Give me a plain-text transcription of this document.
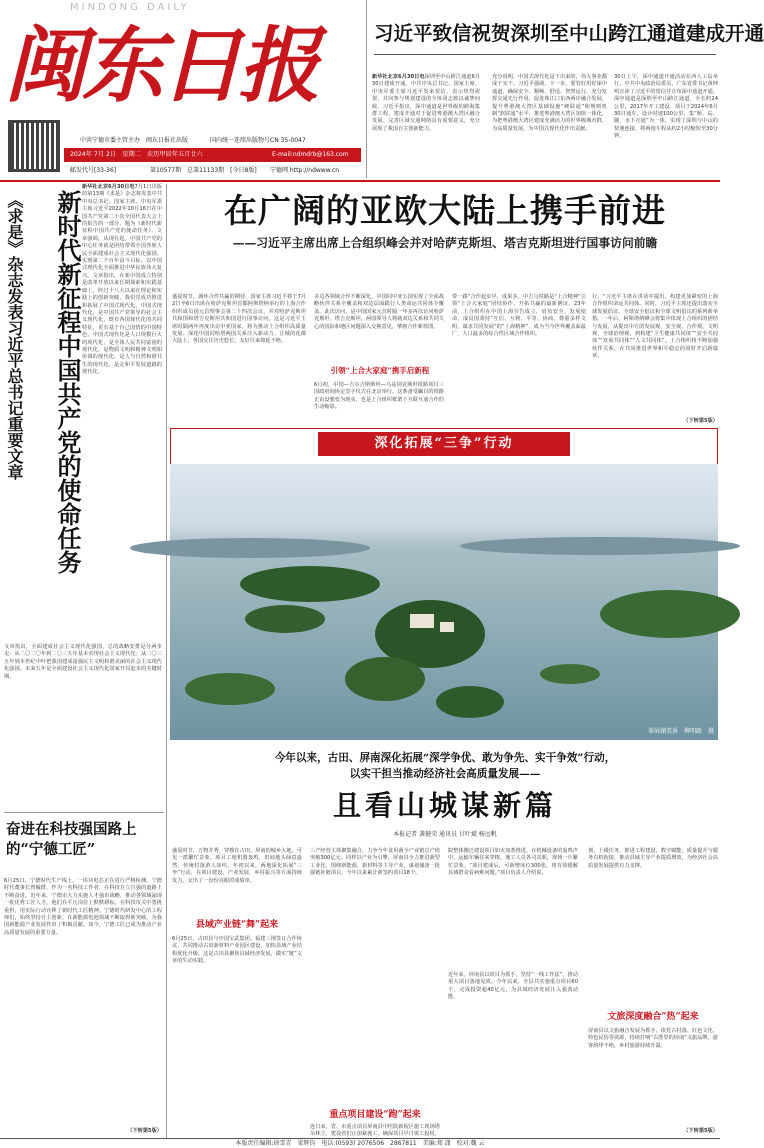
MINDONG DAILY
闽东日报
中共宁德市委主管主办　闽东日报社出版	国内统一连续出版物号CN 35-0047
2024年 7月 2日　星期二　农历甲辰年五月廿六	E-mail:ndmdrb@163.com
邮发代号[33-36]	第10577期　总第11133期　[今日8版]	宁德网 http://ndwww.cn
习近平致信祝贺深圳至中山跨江通道建成开通
新华社北京6月30日电深圳至中山跨江通道6月30日建成开通。中共中央总书记、国家主席、中央军委主席习近平发来贺信，表示热烈祝贺，并向参与规划建设的全体同志致以诚挚问候。习近平指出，深中通道是世界级的跨海集群工程，建成开通对于促进粤港澳大湾区融合发展、完善区域交通网络具有重要意义，充分展现了我国自主创新能力。
充分说明，中国式现代化是干出来的，伟大事业都成于实干。习近平强调，下一步，要管好用好深中通道，确保安全、顺畅、舒适、智慧运行，充分发挥交通先行作用，促进珠江口东西两岸融合发展，提升粤港澳大湾区基础设施“硬联通”和规则机制“软联通”水平，推进粤港澳大湾区加快一体化，为把粤港澳大湾区建成充满活力的世界级城市群，为高质量发展，为中国式现代化作出贡献。
30日上午，深中通道开通活动在西人工岛举行，中共中央政治局委员、广东省委书记黄坤明宣读了习近平的贺信并宣布深中通道开通。深中通道是深圳至中山跨江通道，全长约24公里，2017年开工建设，项目于2024年6月30日通车，设计时速100公里，集“桥、岛、隧、水下互通”为一体，实现了深圳与中山的快速连接，将两地车程从约2小时缩短至30分钟。
《求是》杂志发表习近平总书记重要文章	新时代新征程中国共产党的使命任务
新华社北京6月30日电7月1日出版的第13期《求是》杂志将发表中共中央总书记、国家主席、中央军委主席习近平2022年10月16日在中国共产党第二十次全国代表大会上的报告的一部分，题为《新时代新征程中国共产党的使命任务》。文章强调，从现在起，中国共产党的中心任务就是团结带领全国各族人民全面建成社会主义现代化强国、实现第二个百年奋斗目标，以中国式现代化全面推进中华民族伟大复兴。文章指出，在新中国成立特别是改革开放以来长期探索和实践基础上，经过十八大以来在理论和实践上的创新突破，我们党成功推进和拓展了中国式现代化。中国式现代化，是中国共产党领导的社会主义现代化，既有各国现代化的共同特征，更有基于自己国情的中国特色。中国式现代化是人口规模巨大的现代化，是全体人民共同富裕的现代化，是物质文明和精神文明相协调的现代化，是人与自然和谐共生的现代化，是走和平发展道路的现代化。
文章指出，全面建成社会主义现代化强国，总的战略安排是分两步走：从二〇二〇年到二〇三五年基本实现社会主义现代化；从二〇三五年到本世纪中叶把我国建成富强民主文明和谐美丽的社会主义现代化强国。未来五年是全面建设社会主义现代化国家开局起步的关键时期。
奋进在科技强国路上的“宁德工匠”
6月25日，宁德时代生产线上，一块块电芯正在进行严格检测。宁德时代董事长曾毓群，作为一名科技工作者，在科技自立自强的道路上不断奋进。近年来，宁德市大力实施人才强市战略，推动各领域涌现一批优秀工匠人才，他们在平凡岗位上默默耕耘，在科技攻关中勇挑重担，用实际行动诠释了新时代工匠精神。宁德时代研发中心的工程师们，始终坚持自主创新，在新能源电池领域不断取得新突破，为我国新能源产业发展作出了积极贡献。如今，宁德工匠已成为推动产业高质量发展的重要力量。
（下转第5版）
在广阔的亚欧大陆上携手前进
——习近平主席出席上合组织峰会并对哈萨克斯坦、塔吉克斯坦进行国事访问前瞻
盛夏时节，满怀合作共赢的期待，国家主席习近平将于7月2日至6日出席在哈萨克斯坦首都阿斯塔纳举行的上海合作组织成员国元首理事会第二十四次会议，并对哈萨克斯坦共和国和塔吉克斯坦共和国进行国事访问。这是习近平主席时隔两年再度出访中亚国家，将为推动上合组织高质量发展、深化中国同哈塔两国关系注入新动力。江城的花都大陆上，各国交往历史悠长，友好往来绵延不绝。
多边各领域合作不断深化，中国同中亚五国实现了全面战略伙伴关系全覆盖和双边层面践行人类命运共同体全覆盖。此次访问，是中国国家元首时隔一年多再次访问哈萨克斯坦、塔吉克斯坦。两国领导人将就双边关系和共同关心的国际和地区问题深入交换意见，擘画合作新蓝图。
引领“上合大家庭”携手启新程
6月初，中国—吉尔吉斯斯坦—乌兹别克斯坦铁路项目三国政府间协定签字仪式在北京举行。这条备受瞩目的铁路正由设想变为现实，也是上合组织框架下互联互通合作的生动缩影。
带一路”合作起步早、成果多。中吉乌铁路是“上合精神”引领“上合大家庭”团结协作、开拓共赢的最新例证。23年前，上合组织在中国上海宣告成立，肩负安全、发展使命，成员国秉持“互信、互利、平等、协商、尊重多样文明、谋求共同发展”的“上海精神”，成为当今世界覆盖面最广、人口最多的综合性区域合作组织。
行，“习近平主席在讲话中提出，构建更加紧密的上海合作组织命运共同体。同时，习近平主席还提出落实全球发展倡议、全球安全倡议和全球文明倡议的系列新举措。一年后，阿斯塔纳峰会将集中体现上合组织的团结与发展。从提出中方的发展观、安全观、合作观、文明观、全球治理观，到构建“卫生健康共同体”“安全共同体”“发展共同体”“人文共同体”。上合组织将不断加强伙伴关系，在共同推进世界和平稳定的同时开启新篇章。
（下转第5版）
深化拓展“三争”行动
翠屏湖美景　柳明路　摄
今年以来，古田、屏南深化拓展“深学争优、敢为争先、实干争效”行动，
以实干担当推动经济社会高质量发展——
且看山城谋新篇
本报记者 龚健荣 通讯员 甘叶斌 杨远帆
盛夏时节，万物并秀。穿梭在古田、屏南的城乡大地，可见一派繁忙景象。项目工地机器轰鸣，田间地头绿意盎然，传统村落游人如织。年初以来，两地深化拓展“三争”行动，在项目建设、产业发展、乡村振兴等方面持续发力，交出了一份份亮眼的成绩单。
县域产业链“舞”起来
6月25日，古田县与中国宝武集团、福建三钢签订合作协议，共同推动古田新材料产业园区建设，加快县域产业结构优化升级。这是古田县聚焦县域经济发展，做实“链”文章的生动实践。
三产经营主体聚集融合，力争今年食用菌全产业链总产值突破300亿元。同样以产业为引擎，屏南县全力推进新型工业化，围绕新能源、新材料等主导产业，谋划储备一批强链补链项目，今年以来累计新签约项目18个。
重点项目建设“跑”起来
连日来，省、市重点项目屏南县中医院新院区施工现场塔吊林立，建设者们正加紧施工，确保项目早日竣工投用。
院整体搬迁建设项目如火如荼推进。在机械设备的轰鸣声中，运输车辆往来穿梭，施工人员各司其职，现场一片繁忙景象。“项目建成后，可新增床位300张，将有效缓解县域群众看病难问题。”项目负责人介绍说。
近年来，屏南县以项目为抓手，坚持“一线工作法”，推动重大项目落地见效。今年以来，全县共实施重点项目60个，完成投资超40亿元，为县域经济发展注入强劲动能。
划，上级任务，推进工程建设，数字赋能、质量提升与服务有机衔接，推动县域主导产业提质增效，为经济社会高质量发展提供有力支撑。
文旅深度融合“热”起来
屏南县以文旅融合发展为抓手，依托古村落、红色文化、特色民俗等资源，持续打响“古厝里的屏南”文旅品牌，游客络绎不绝，乡村旅游持续升温。
（下转第5版）
本版责任编辑:徐雪青　梁辉钧　电话:(0593) 2076506　2867811　美编:郑 潇　校对:魏 云
